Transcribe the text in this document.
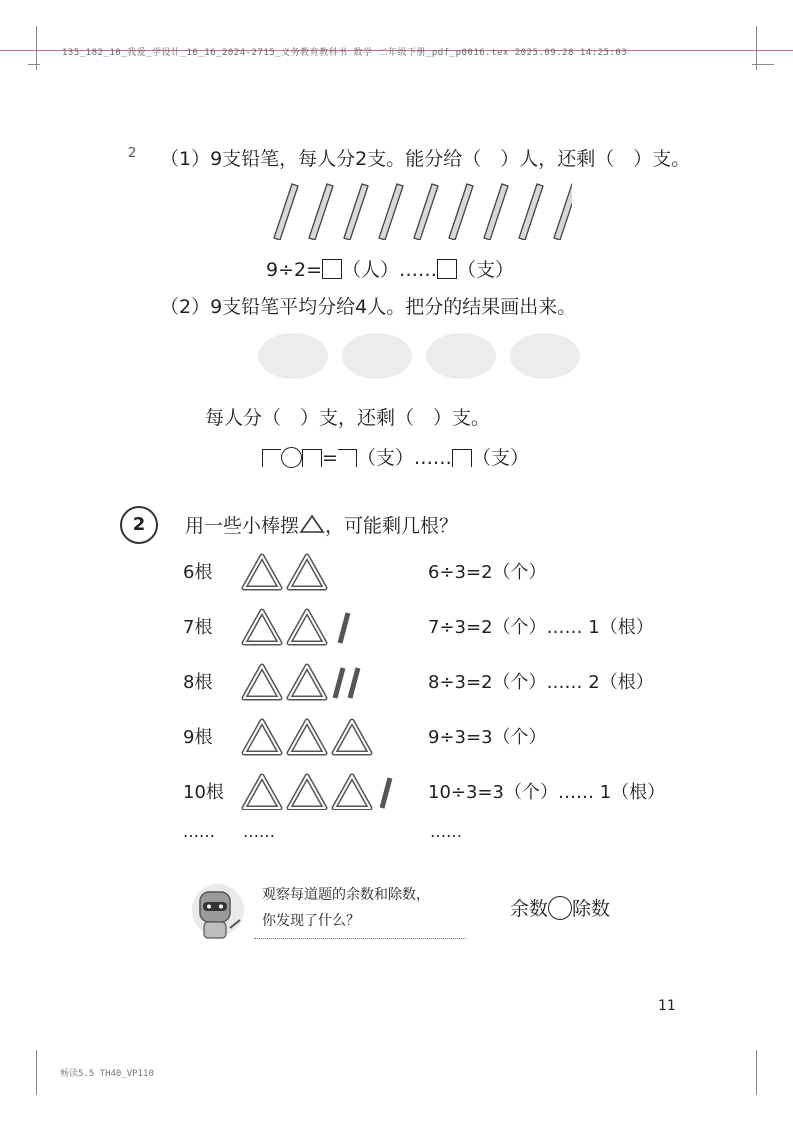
135_182_10_我爱_学设计_16_16_2024-2715_义务教育教科书 数学 二年级下册_pdf_p0016.tex 2025.09.28 14:25:03
2 （1）9支铅笔，每人分2支。能分给（　）人，还剩（　）支。
9÷2= （人）…… （支）
（2）9支铅笔平均分给4人。把分的结果画出来。
每人分（　）支，还剩（　）支。
= （支）…… （支）
2	用一些小棒摆 ，可能剩几根？
6根
7根
8根
9根
10根
6÷3=2（个）
7÷3=2（个）…… 1（根）
8÷3=2（个）…… 2（根）
9÷3=3（个）
10÷3=3（个）…… 1（根）
…… ……	……
观察每道题的余数和除数，
你发现了什么？
余数 除数
11
畅读5.5 TH40_VP110
